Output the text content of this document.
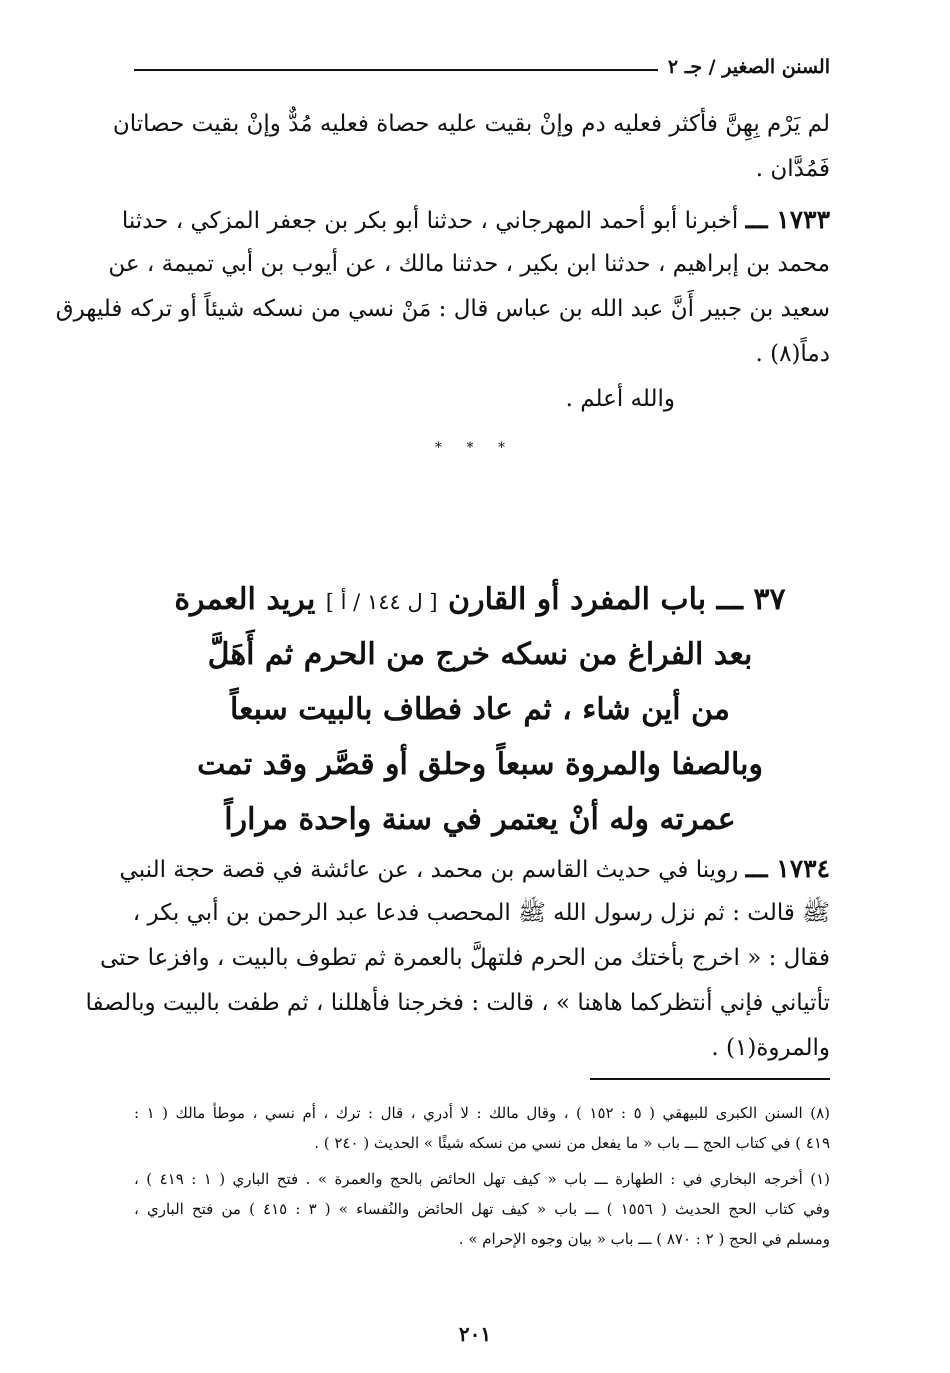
السنن الصغير / جـ ٢
لم يَرْم بِهِنَّ فأكثر فعليه دم وإنْ بقيت عليه حصاة فعليه مُدٌّ وإنْ بقيت حصاتان
فَمُدَّان .
١٧٣٣ ـــ أخبرنا أبو أحمد المهرجاني ، حدثنا أبو بكر بن جعفر المزكي ، حدثنا
محمد بن إبراهيم ، حدثنا ابن بكير ، حدثنا مالك ، عن أيوب بن أبي تميمة ، عن
سعيد بن جبير أَنَّ عبد الله بن عباس قال : مَنْ نسي من نسكه شيئاً أو تركه فليهرق
دماً(٨) .
والله أعلم .
* * *
٣٧ ـــ باب المفرد أو القارن [ ل ١٤٤ / أ ] يريد العمرة
بعد الفراغ من نسكه خرج من الحرم ثم أَهَلَّ
من أين شاء ، ثم عاد فطاف بالبيت سبعاً
وبالصفا والمروة سبعاً وحلق أو قصَّر وقد تمت
عمرته وله أنْ يعتمر في سنة واحدة مراراً
١٧٣٤ ـــ روينا في حديث القاسم بن محمد ، عن عائشة في قصة حجة النبي
ﷺ قالت : ثم نزل رسول الله ﷺ المحصب فدعا عبد الرحمن بن أبي بكر ،
فقال : « اخرج بأختك من الحرم فلتهلَّ بالعمرة ثم تطوف بالبيت ، وافزعا حتى
تأتياني فإني أنتظركما هاهنا » ، قالت : فخرجنا فأهللنا ، ثم طفت بالبيت وبالصفا
والمروة(١) .
(٨) السنن الكبرى للبيهقي ( ٥ : ١٥٢ ) ، وقال مالك : لا أدري ، قال : ترك ، أم نسي ، موطأ مالك ( ١ :
٤١٩ ) في كتاب الحج ـــ باب « ما يفعل من نسي من نسكه شيئًا » الحديث ( ٢٤٠ ) .
(١) أخرجه البخاري في : الطهارة ـــ باب « كيف تهل الحائض بالحج والعمرة » . فتح الباري ( ١ : ٤١٩ ) ،
وفي كتاب الحج الحديث ( ١٥٥٦ ) ـــ باب « كيف تهل الحائض والنُفساء » ( ٣ : ٤١٥ ) من فتح الباري ،
ومسلم في الحج ( ٢ : ٨٧٠ ) ـــ باب « بيان وجوه الإحرام » .
٢٠١
